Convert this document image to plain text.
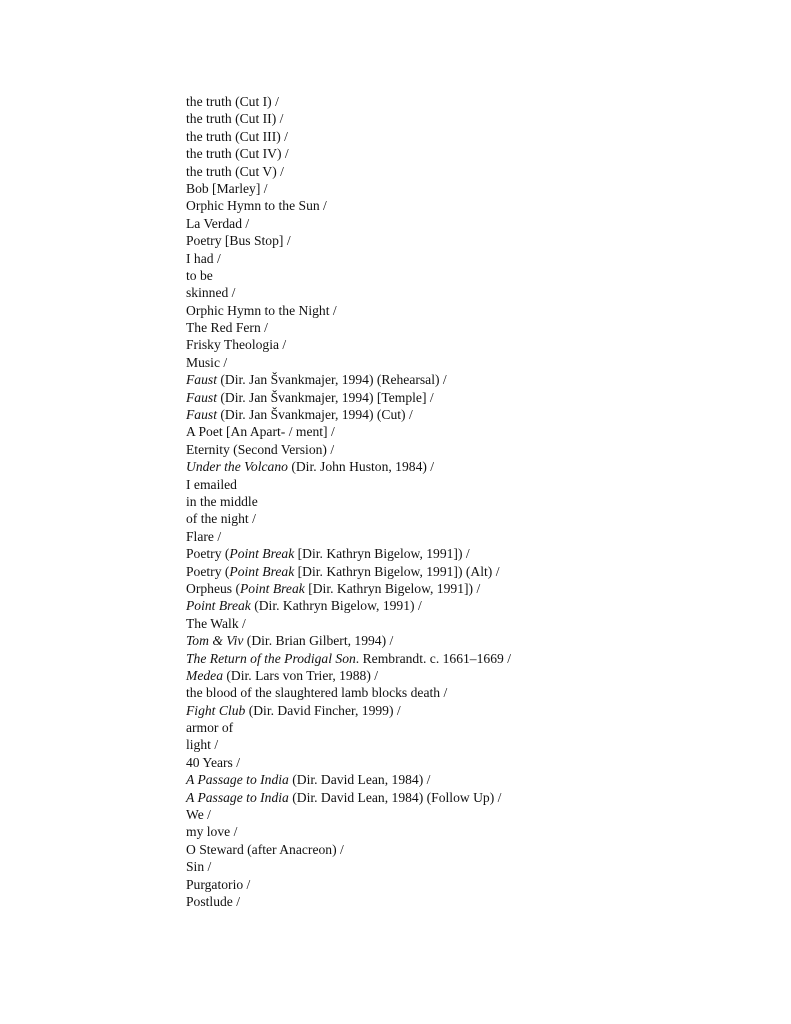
the truth (Cut I) /
the truth (Cut II) /
the truth (Cut III) /
the truth (Cut IV) /
the truth (Cut V) /
Bob [Marley] /
Orphic Hymn to the Sun /
La Verdad /
Poetry [Bus Stop] /
I had /
to be
skinned /
Orphic Hymn to the Night /
The Red Fern /
Frisky Theologia /
Music /
Faust (Dir. Jan Švankmajer, 1994) (Rehearsal) /
Faust (Dir. Jan Švankmajer, 1994) [Temple] /
Faust (Dir. Jan Švankmajer, 1994) (Cut) /
A Poet [An Apart- / ment] /
Eternity (Second Version) /
Under the Volcano (Dir. John Huston, 1984) /
I emailed
in the middle
of the night /
Flare /
Poetry (Point Break [Dir. Kathryn Bigelow, 1991]) /
Poetry (Point Break [Dir. Kathryn Bigelow, 1991]) (Alt) /
Orpheus (Point Break [Dir. Kathryn Bigelow, 1991]) /
Point Break (Dir. Kathryn Bigelow, 1991) /
The Walk /
Tom & Viv (Dir. Brian Gilbert, 1994) /
The Return of the Prodigal Son. Rembrandt. c. 1661–1669 /
Medea (Dir. Lars von Trier, 1988) /
the blood of the slaughtered lamb blocks death /
Fight Club (Dir. David Fincher, 1999) /
armor of
light /
40 Years /
A Passage to India (Dir. David Lean, 1984) /
A Passage to India (Dir. David Lean, 1984) (Follow Up) /
We /
my love /
O Steward (after Anacreon) /
Sin /
Purgatorio /
Postlude /
